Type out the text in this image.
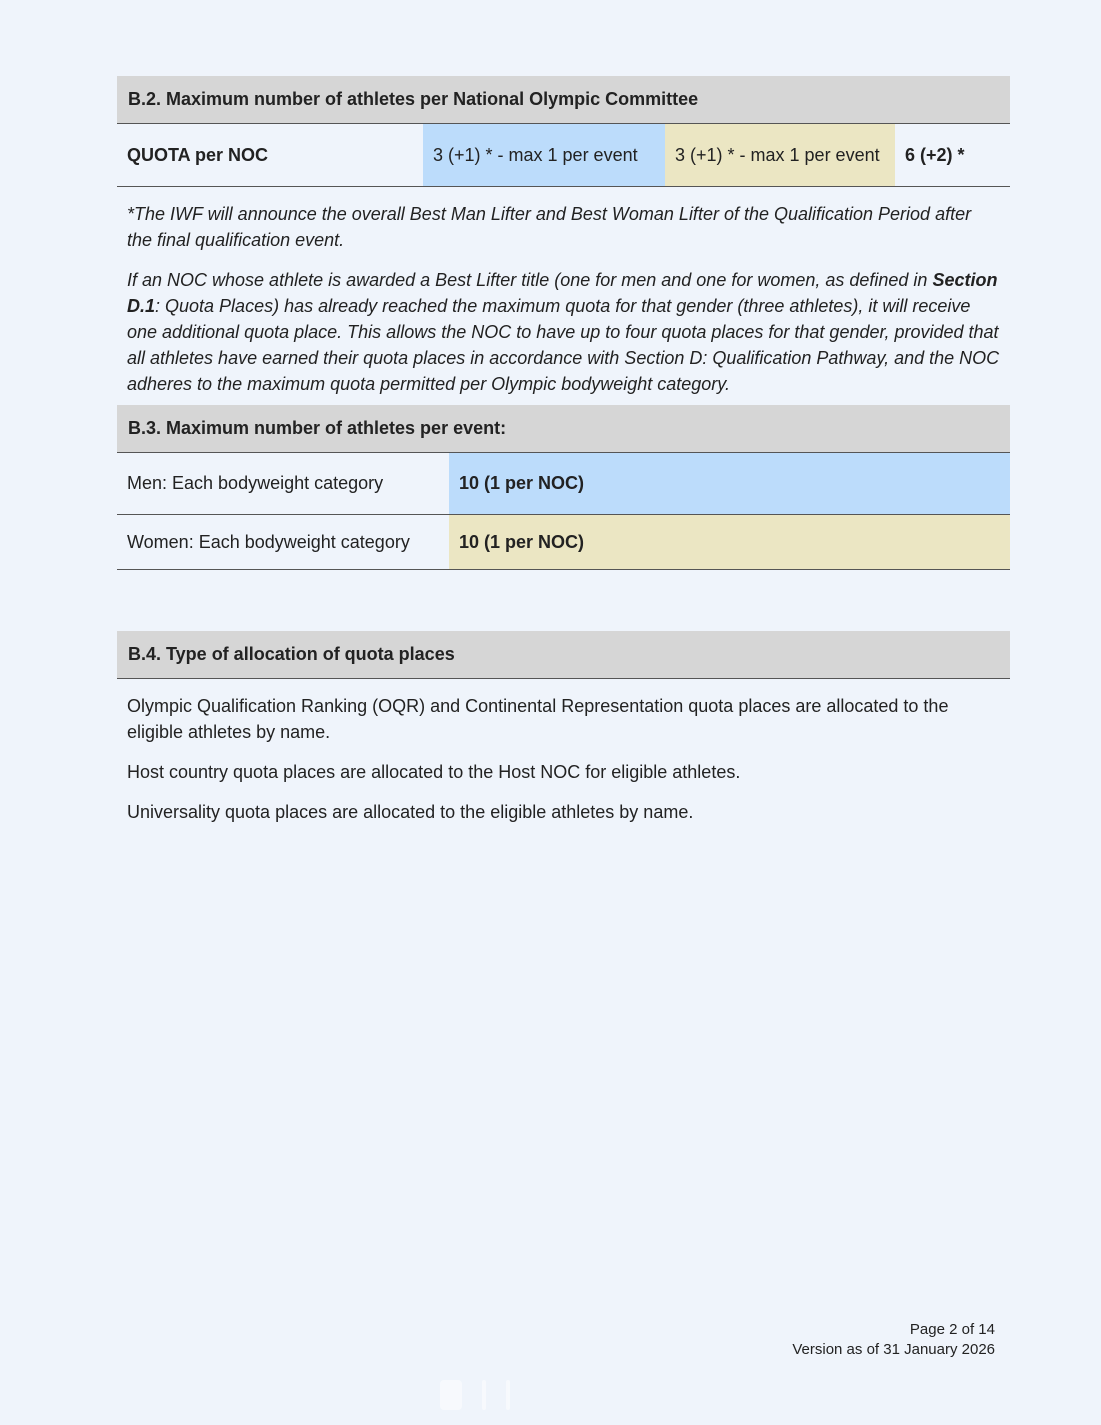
B.2. Maximum number of athletes per National Olympic Committee
QUOTA per NOC	3 (+1) * - max 1 per event	3 (+1) * - max 1 per event	6 (+2) *

*The IWF will announce the overall Best Man Lifter and Best Woman Lifter of the Qualification Period after the final qualification event.

If an NOC whose athlete is awarded a Best Lifter title (one for men and one for women, as defined in Section D.1: Quota Places) has already reached the maximum quota for that gender (three athletes), it will receive one additional quota place. This allows the NOC to have up to four quota places for that gender, provided that all athletes have earned their quota places in accordance with Section D: Qualification Pathway, and the NOC adheres to the maximum quota permitted per Olympic bodyweight category.

B.3. Maximum number of athletes per event:
Men: Each bodyweight category	10 (1 per NOC)
Women: Each bodyweight category	10 (1 per NOC)
B.4. Type of allocation of quota places

Olympic Qualification Ranking (OQR) and Continental Representation quota places are allocated to the eligible athletes by name.

Host country quota places are allocated to the Host NOC for eligible athletes.

Universality quota places are allocated to the eligible athletes by name.

Page 2 of 14
Version as of 31 January 2026
